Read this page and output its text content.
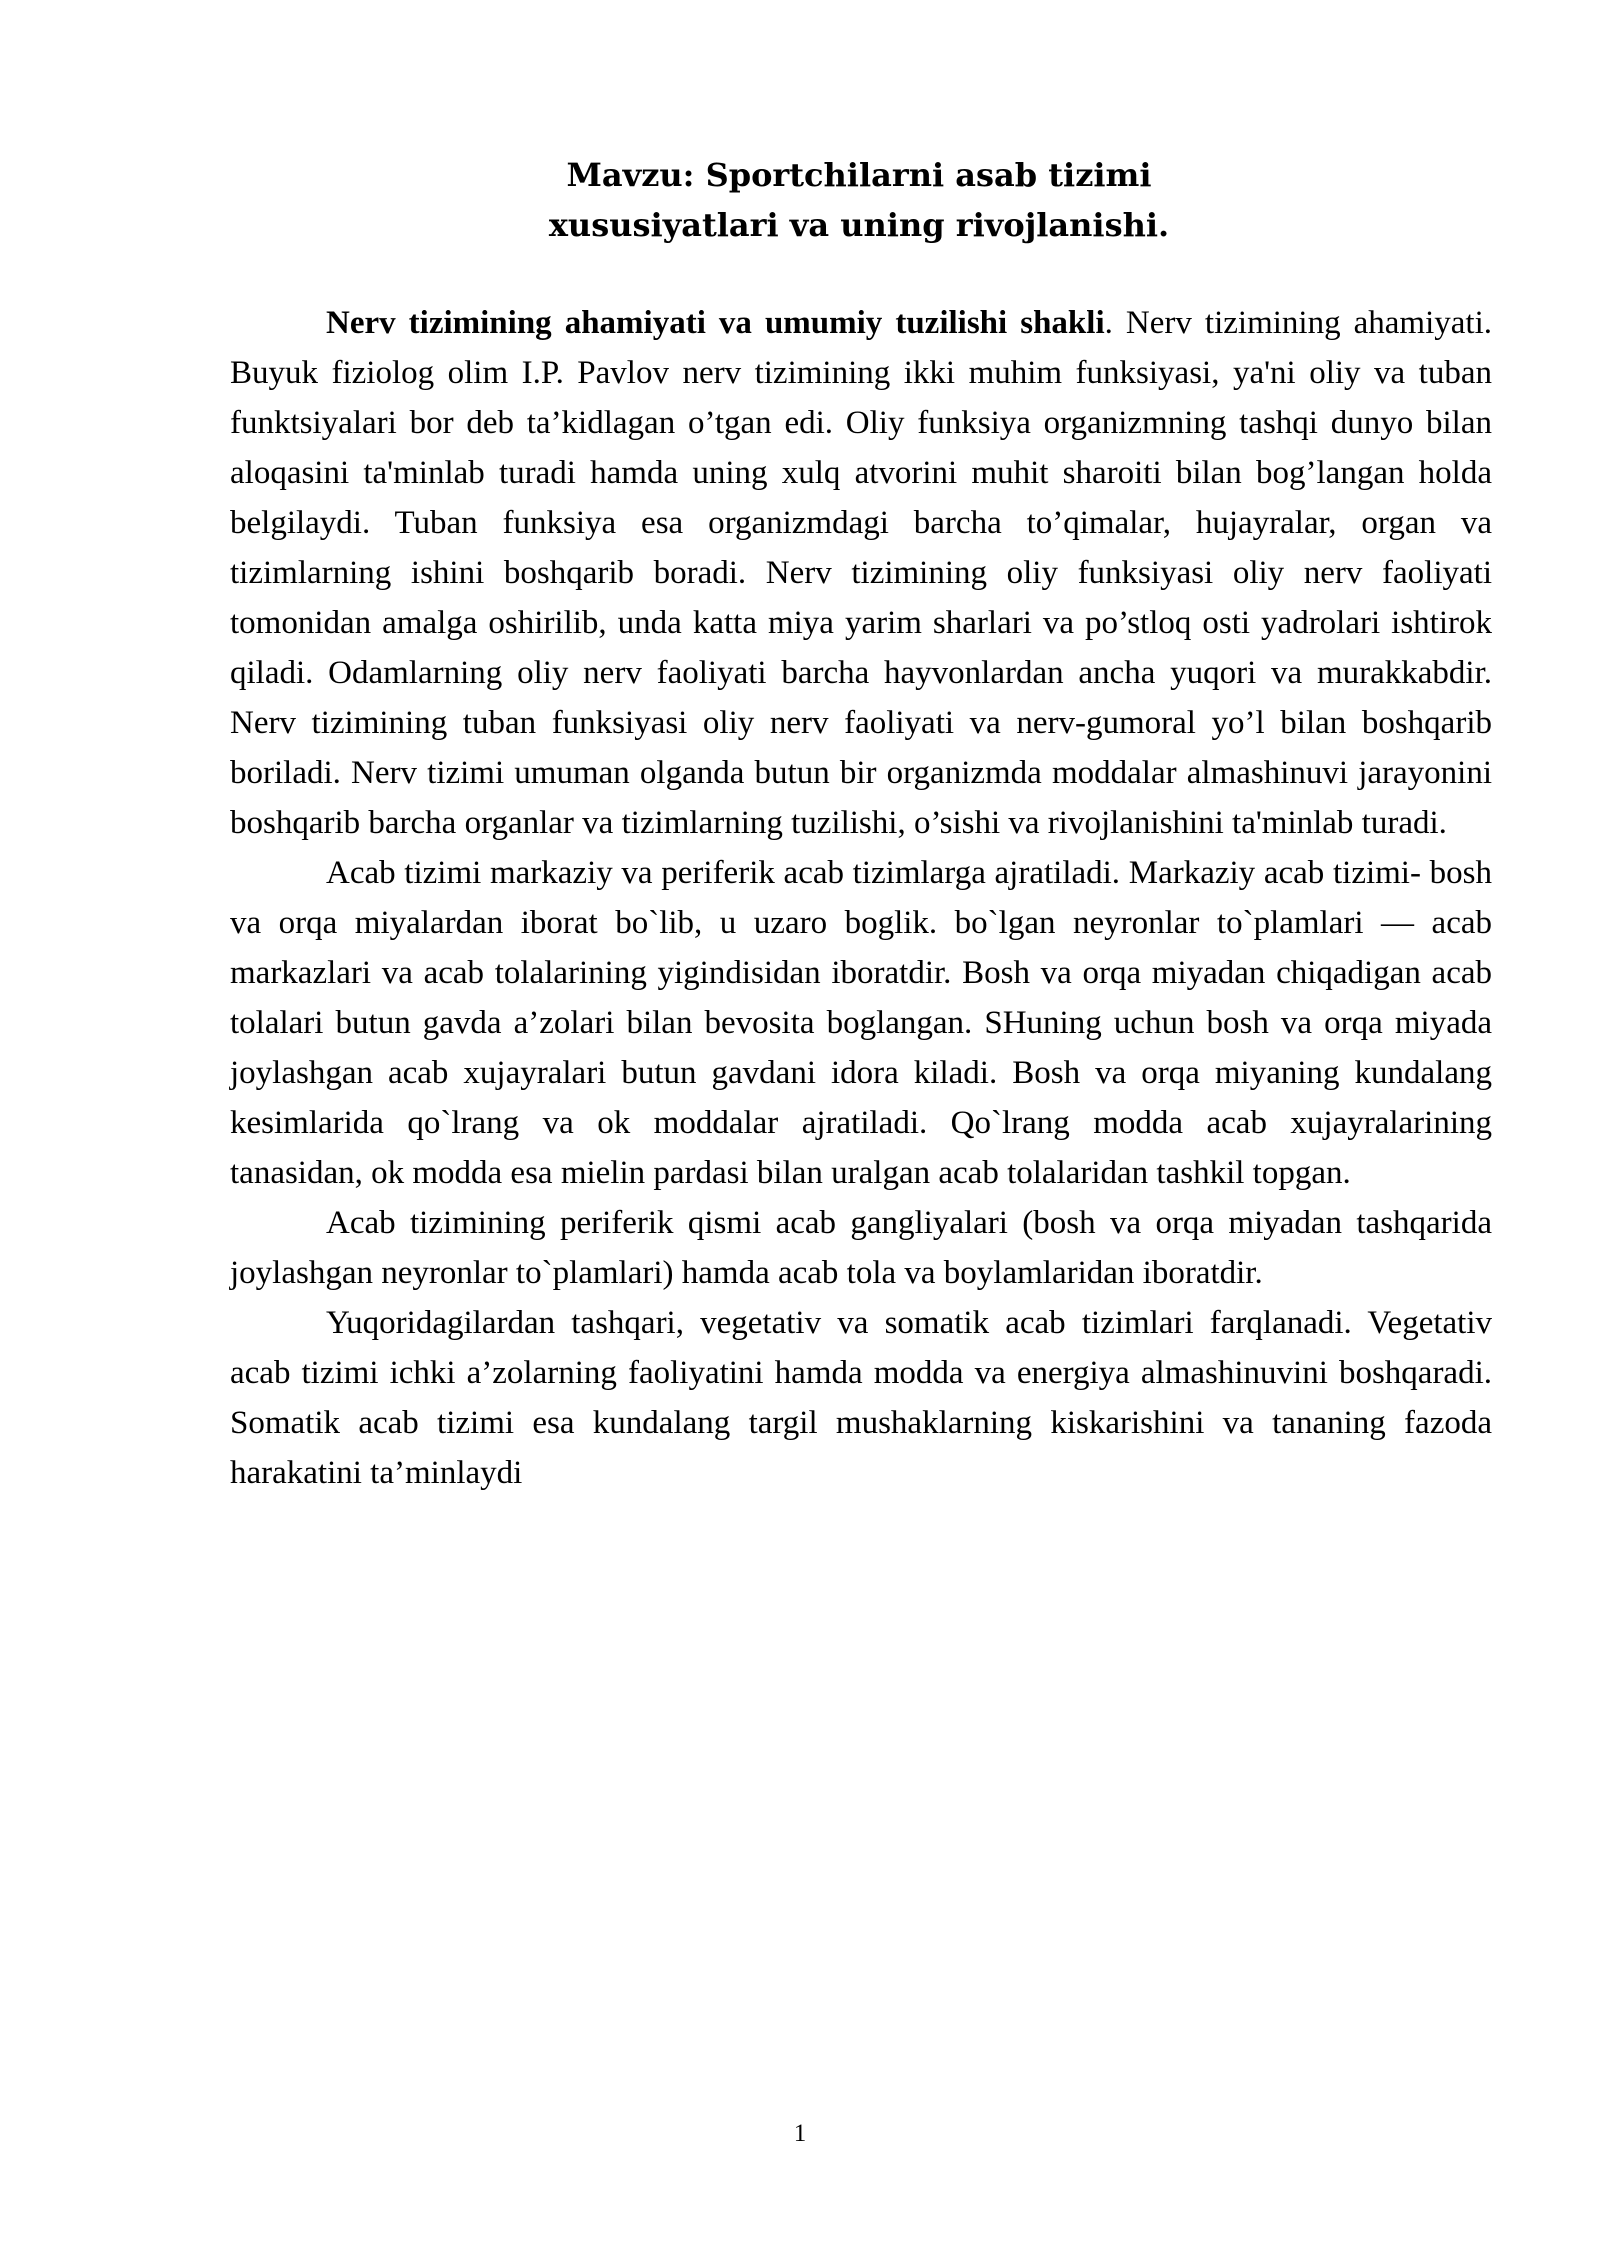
Mavzu: Sportchilarni asab tizimi
xususiyatlari va uning rivojlanishi.

Nerv tizimining ahamiyati va umumiy tuzilishi shakli. Nerv tizimining ahamiyati. Buyuk fiziolog olim I.P. Pavlov nerv tizimining ikki muhim funksiyasi, ya'ni oliy va tuban funktsiyalari bor deb ta’kidlagan o’tgan edi. Oliy funksiya organizmning tashqi dunyo bilan aloqasini ta'minlab turadi hamda uning xulq atvorini muhit sharoiti bilan bog’langan holda belgilaydi. Tuban funksiya esa organizmdagi barcha to’qimalar, hujayralar, organ va tizimlarning ishini boshqarib boradi. Nerv tizimining oliy funksiyasi oliy nerv faoliyati tomonidan amalga oshirilib, unda katta miya yarim sharlari va po’stloq osti yadrolari ishtirok qiladi. Odamlarning oliy nerv faoliyati barcha hayvonlardan ancha yuqori va murakkabdir. Nerv tizimining tuban funksiyasi oliy nerv faoliyati va nerv-gumoral yo’l bilan boshqarib boriladi. Nerv tizimi umuman olganda butun bir organizmda moddalar almashinuvi jarayonini boshqarib barcha organlar va tizimlarning tuzilishi, o’sishi va rivojlanishini ta'minlab turadi.

Acab tizimi markaziy va periferik acab tizimlarga ajratiladi. Markaziy acab tizimi- bosh va orqa miyalardan iborat bo`lib, u uzaro boglik. bo`lgan neyronlar to`plamlari — acab markazlari va acab tolalarining yigindisidan iboratdir. Bosh va orqa miyadan chiqadigan acab tolalari butun gavda a’zolari bilan bevosita boglangan. SHuning uchun bosh va orqa miyada joylashgan acab xujayralari butun gavdani idora kiladi. Bosh va orqa miyaning kundalang kesimlarida qo`lrang va ok moddalar ajratiladi. Qo`lrang modda acab xujayralarining tanasidan, ok modda esa mielin pardasi bilan uralgan acab tolalaridan tashkil topgan.

Acab tizimining periferik qismi acab gangliyalari (bosh va orqa miyadan tashqarida joylashgan neyronlar to`plamlari) hamda acab tola va boylamlaridan iboratdir.

Yuqoridagilardan tashqari, vegetativ va somatik acab tizimlari farqlanadi. Vegetativ acab tizimi ichki a’zolarning faoliyatini hamda modda va energiya almashinuvini boshqaradi. Somatik acab tizimi esa kundalang targil mushaklarning kiskarishini va tananing fazoda harakatini ta’minlaydi

1
